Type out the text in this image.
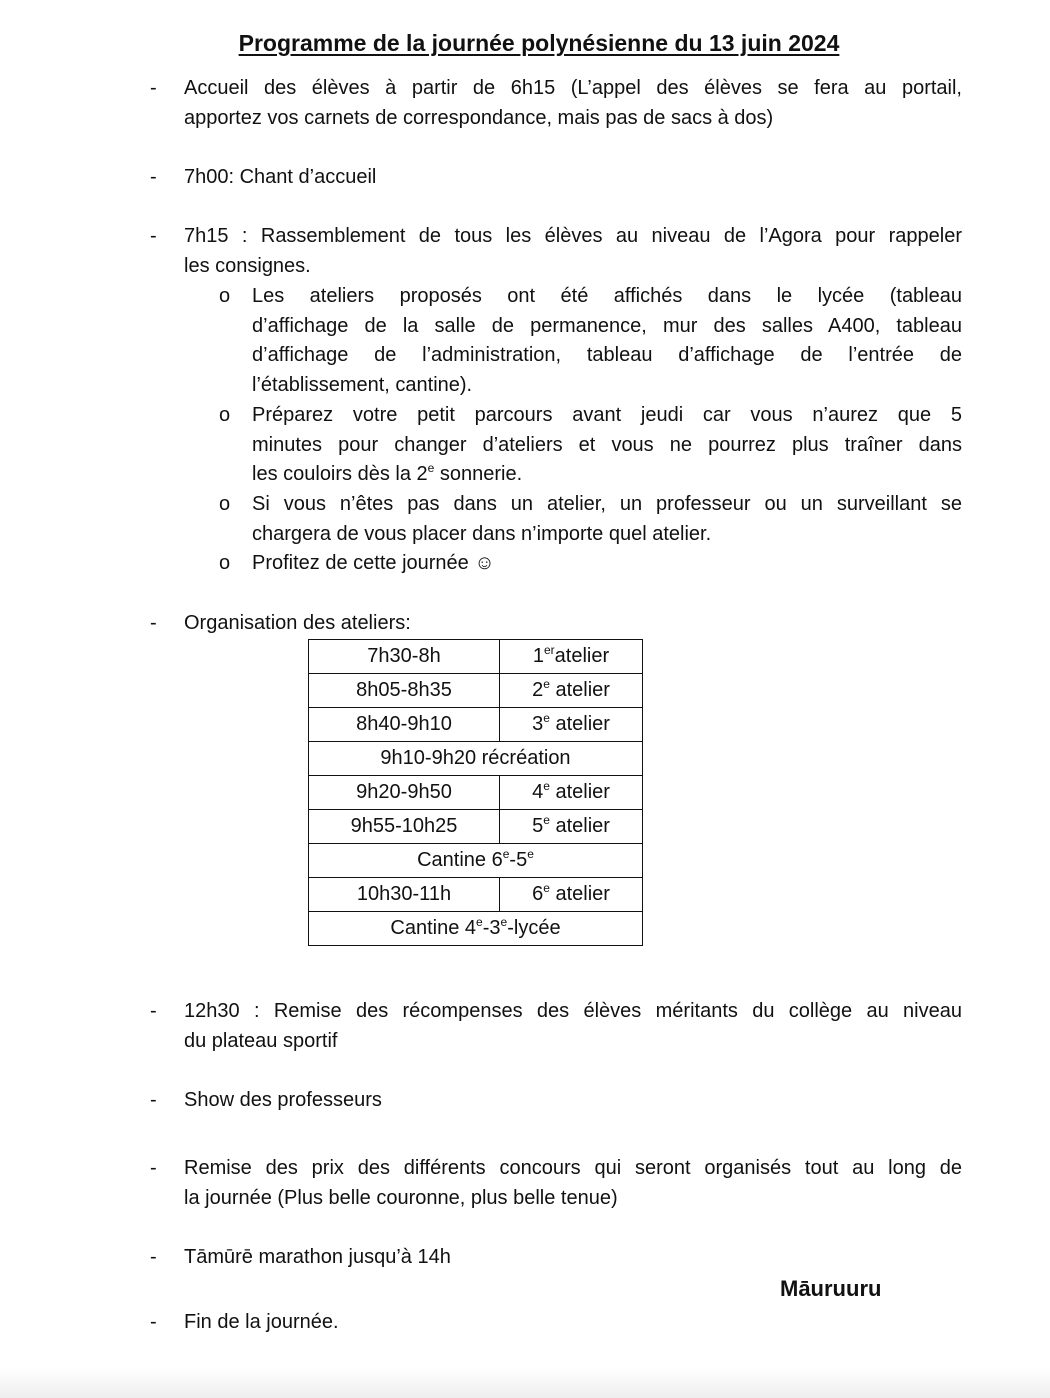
Programme de la journée polynésienne du 13 juin 2024
- Accueil des élèves à partir de 6h15 (L’appel des élèves se fera au portail,
apportez vos carnets de correspondance, mais pas de sacs à dos)
- 7h00: Chant d’accueil
- 7h15 : Rassemblement de tous les élèves au niveau de l’Agora pour rappeler
les consignes.
o Les ateliers proposés ont été affichés dans le lycée (tableau
d’affichage de la salle de permanence, mur des salles A400, tableau
d’affichage de l’administration, tableau d’affichage de l’entrée de
l’établissement, cantine).
o Préparez votre petit parcours avant jeudi car vous n’aurez que 5
minutes pour changer d’ateliers et vous ne pourrez plus traîner dans
les couloirs dès la 2e sonnerie.
o Si vous n’êtes pas dans un atelier, un professeur ou un surveillant se
chargera de vous placer dans n’importe quel atelier.
o Profitez de cette journée ☺
- Organisation des ateliers:
7h30-8h	1eratelier
8h05-8h35	2e atelier
8h40-9h10	3e atelier
9h10-9h20 récréation	
9h20-9h50	4e atelier
9h55-10h25	5e atelier
Cantine 6e-5e
10h30-11h	6e atelier
Cantine 4e-3e-lycée	
- 12h30 : Remise des récompenses des élèves méritants du collège au niveau
du plateau sportif
- Show des professeurs
- Remise des prix des différents concours qui seront organisés tout au long de
la journée (Plus belle couronne, plus belle tenue)
- Tāmūrē marathon jusqu’à 14h
Māuruuru
- Fin de la journée.
